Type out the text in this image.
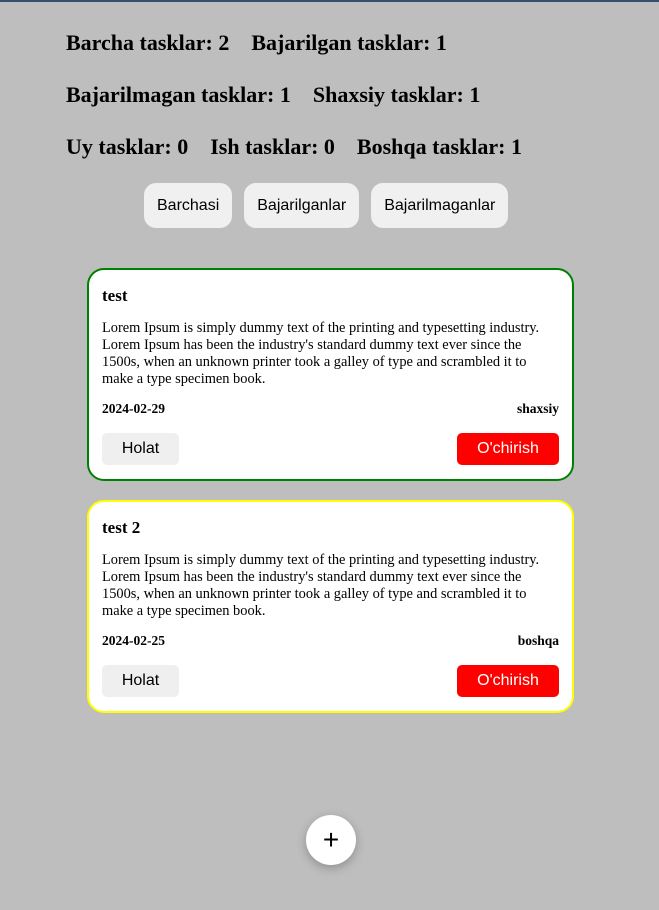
Barcha tasklar: 2 Bajarilgan tasklar: 1
Bajarilmagan tasklar: 1 Shaxsiy tasklar: 1
Uy tasklar: 0 Ish tasklar: 0 Boshqa tasklar: 1
Barchasi	Bajarilganlar	Bajarilmaganlar
test

Lorem Ipsum is simply dummy text of the printing and typesetting industry. Lorem Ipsum has been the industry's standard dummy text ever since the 1500s, when an unknown printer took a galley of type and scrambled it to make a type specimen book.

2024-02-29	shaxsiy
Holat	O'chirish
test 2

Lorem Ipsum is simply dummy text of the printing and typesetting industry. Lorem Ipsum has been the industry's standard dummy text ever since the 1500s, when an unknown printer took a galley of type and scrambled it to make a type specimen book.

2024-02-25	boshqa
Holat	O'chirish
+
